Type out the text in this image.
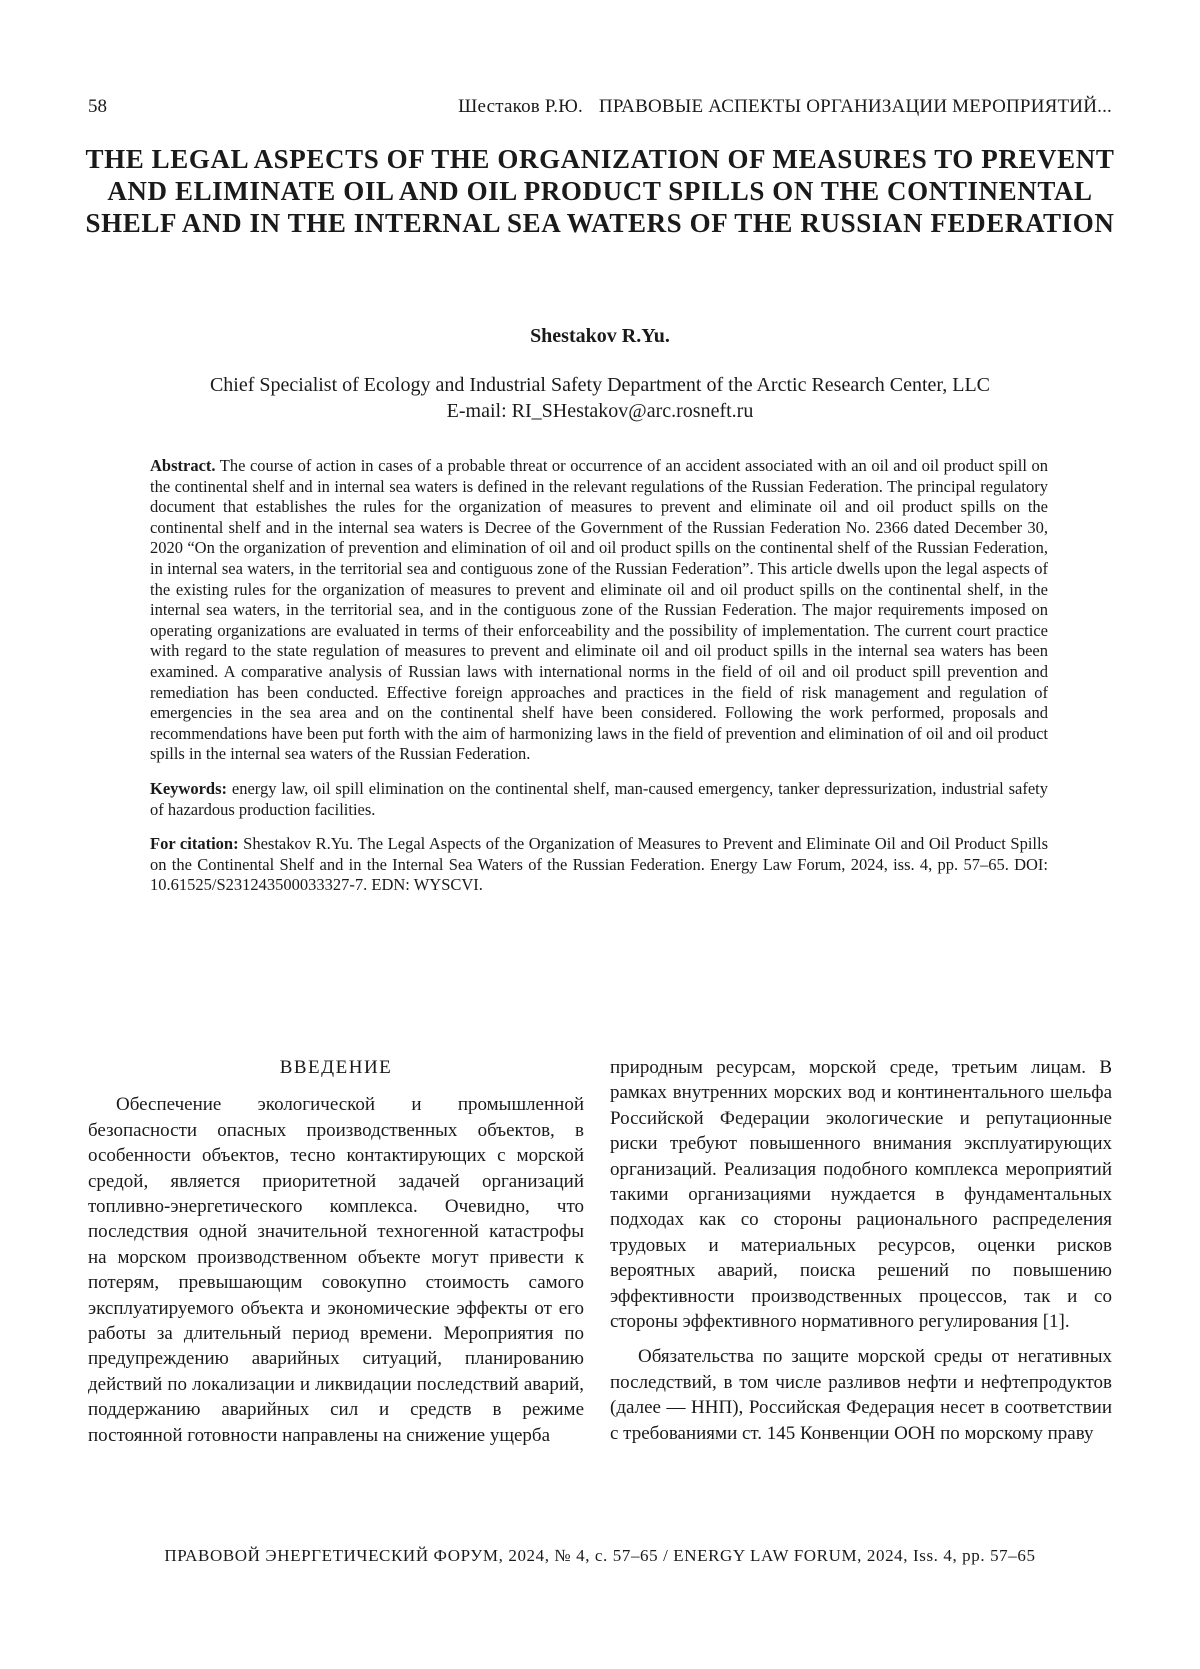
58	Шестаков Р.Ю. ПРАВОВЫЕ АСПЕКТЫ ОРГАНИЗАЦИИ МЕРОПРИЯТИЙ...
THE LEGAL ASPECTS OF THE ORGANIZATION OF MEASURES TO PREVENT AND ELIMINATE OIL AND OIL PRODUCT SPILLS ON THE CONTINENTAL SHELF AND IN THE INTERNAL SEA WATERS OF THE RUSSIAN FEDERATION
Shestakov R.Yu.
Chief Specialist of Ecology and Industrial Safety Department of the Arctic Research Center, LLC
E-mail: RI_SHestakov@arc.rosneft.ru

Abstract. The course of action in cases of a probable threat or occurrence of an accident associated with an oil and oil product spill on the continental shelf and in internal sea waters is defined in the relevant regulations of the Russian Federation. The principal regulatory document that establishes the rules for the organization of measures to prevent and eliminate oil and oil product spills on the continental shelf and in the internal sea waters is Decree of the Government of the Russian Federation No. 2366 dated December 30, 2020 “On the organization of prevention and elimination of oil and oil product spills on the continental shelf of the Russian Federation, in internal sea waters, in the territorial sea and contiguous zone of the Russian Federation”. This article dwells upon the legal aspects of the existing rules for the organization of measures to prevent and eliminate oil and oil product spills on the continental shelf, in the internal sea waters, in the territorial sea, and in the contiguous zone of the Russian Federation. The major requirements imposed on operating organizations are evaluated in terms of their enforceability and the possibility of implementation. The current court practice with regard to the state regulation of measures to prevent and eliminate oil and oil product spills in the internal sea waters has been examined. A comparative analysis of Russian laws with international norms in the field of oil and oil product spill prevention and remediation has been conducted. Effective foreign approaches and practices in the field of risk management and regulation of emergencies in the sea area and on the continental shelf have been considered. Following the work performed, proposals and recommendations have been put forth with the aim of harmonizing laws in the field of prevention and elimination of oil and oil product spills in the internal sea waters of the Russian Federation.

Keywords: energy law, oil spill elimination on the continental shelf, man-caused emergency, tanker depressurization, industrial safety of hazardous production facilities.

For citation: Shestakov R.Yu. The Legal Aspects of the Organization of Measures to Prevent and Eliminate Oil and Oil Product Spills on the Continental Shelf and in the Internal Sea Waters of the Russian Federation. Energy Law Forum, 2024, iss. 4, pp. 57–65. DOI: 10.61525/S231243500033327-7. EDN: WYSCVI.

ВВЕДЕНИЕ

Обеспечение экологической и промышленной безопасности опасных производственных объектов, в особенности объектов, тесно контактирующих с морской средой, является приоритетной задачей организаций топливно-энергетического комплекса. Очевидно, что последствия одной значительной техногенной катастрофы на морском производственном объекте могут привести к потерям, превышающим совокупно стоимость самого эксплуатируемого объекта и экономические эффекты от его работы за длительный период времени. Мероприятия по предупреждению аварийных ситуаций, планированию действий по локализации и ликвидации последствий аварий, поддержанию аварийных сил и средств в режиме постоянной готовности направлены на снижение ущерба

природным ресурсам, морской среде, третьим лицам. В рамках внутренних морских вод и континентального шельфа Российской Федерации экологические и репутационные риски требуют повышенного внимания эксплуатирующих организаций. Реализация подобного комплекса мероприятий такими организациями нуждается в фундаментальных подходах как со стороны рационального распределения трудовых и материальных ресурсов, оценки рисков вероятных аварий, поиска решений по повышению эффективности производственных процессов, так и со стороны эффективного нормативного регулирования [1].

Обязательства по защите морской среды от негативных последствий, в том числе разливов нефти и нефтепродуктов (далее — ННП), Российская Федерация несет в соответствии с требованиями ст. 145 Конвенции ООН по морскому праву

ПРАВОВОЙ ЭНЕРГЕТИЧЕСКИЙ ФОРУМ, 2024, № 4, с. 57–65 / ENERGY LAW FORUM, 2024, Iss. 4, pp. 57–65
